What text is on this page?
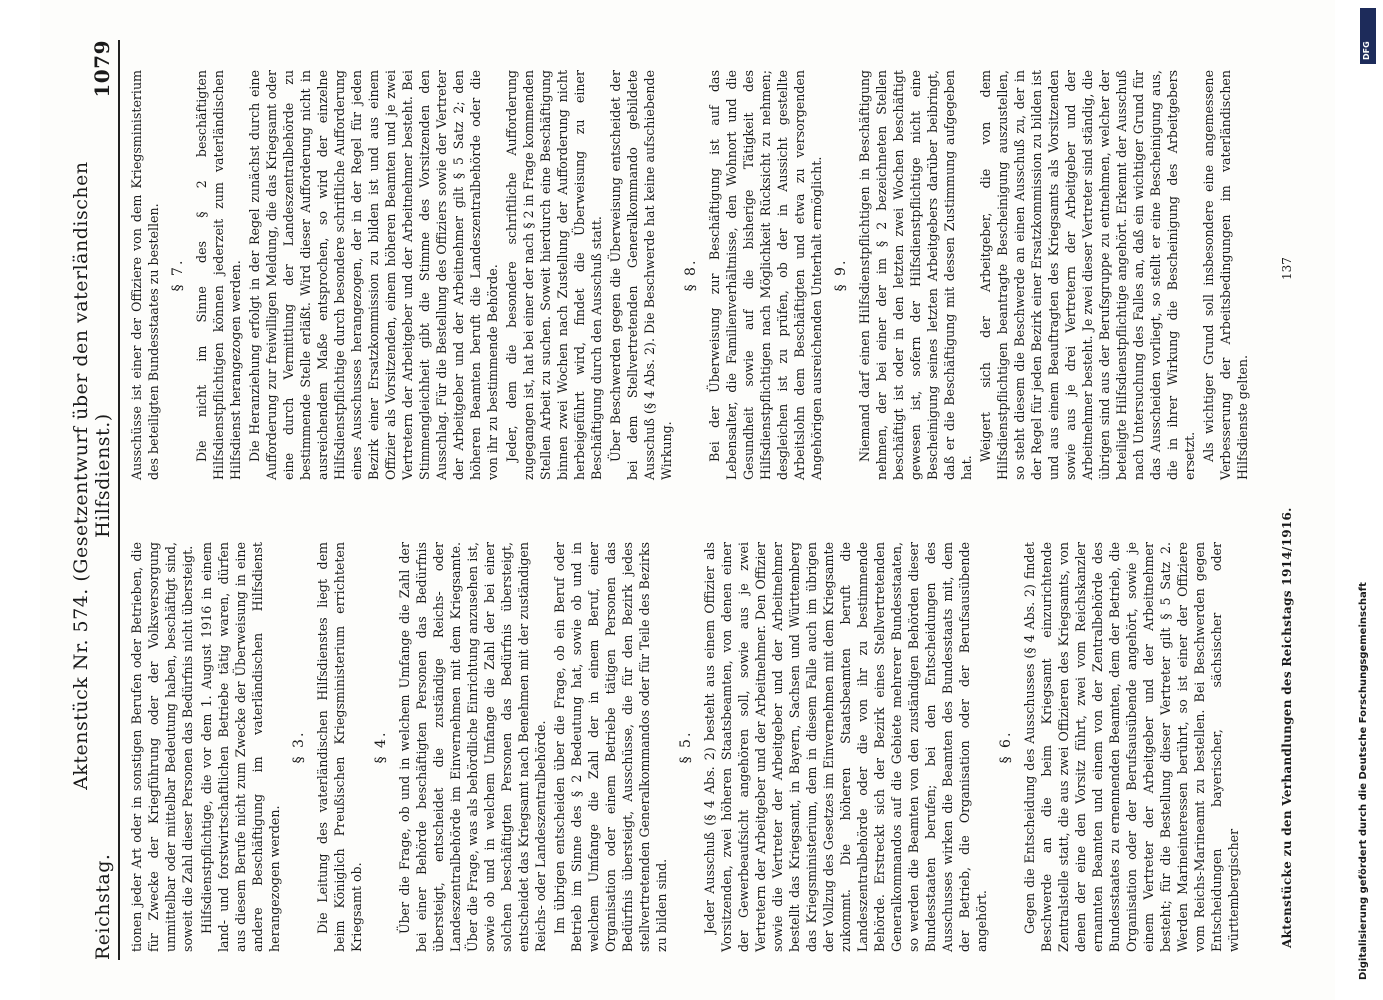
DFG
Digitalisierung gefördert durch die Deutsche Forschungsgemeinschaft
Reichstag.
Aktenstück Nr. 574. (Gesetzentwurf über den vaterländischen Hilfsdienst.)
1079

tionen jeder Art oder in sonstigen Berufen oder Betrieben, die für Zwecke der Kriegführung oder der Volksversorgung unmittelbar oder mittelbar Bedeutung haben, beschäftigt sind, soweit die Zahl dieser Personen das Bedürfnis nicht übersteigt. Hilfsdienstpflichtige, die vor dem 1. August 1916 in einem land- und forstwirtschaftlichen Betriebe tätig waren, dürfen aus diesem Berufe nicht zum Zwecke der Überweisung in eine andere Beschäftigung im vaterländischen Hilfsdienst herangezogen werden.

§ 3. Die Leitung des vaterländischen Hilfsdienstes liegt dem beim Königlich Preußischen Kriegsministerium errichteten Kriegsamt ob.

§ 4. Über die Frage, ob und in welchem Umfange die Zahl der bei einer Behörde beschäftigten Personen das Bedürfnis übersteigt, entscheidet die zuständige Reichs- oder Landeszentralbehörde im Einvernehmen mit dem Kriegsamte. Über die Frage, was als behördliche Einrichtung anzusehen ist, sowie ob und in welchem Umfange die Zahl der bei einer solchen beschäftigten Personen das Bedürfnis übersteigt, entscheidet das Kriegsamt nach Benehmen mit der zuständigen Reichs- oder Landeszentralbehörde. Im übrigen entscheiden über die Frage, ob ein Beruf oder Betrieb im Sinne des § 2 Bedeutung hat, sowie ob und in welchem Umfange die Zahl der in einem Beruf, einer Organisation oder einem Betriebe tätigen Personen das Bedürfnis übersteigt, Ausschüsse, die für den Bezirk jedes stellvertretenden Generalkommandos oder für Teile des Bezirks zu bilden sind.

§ 5. Jeder Ausschuß (§ 4 Abs. 2) besteht aus einem Offizier als Vorsitzenden, zwei höheren Staatsbeamten, von denen einer der Gewerbeaufsicht angehören soll, sowie aus je zwei Vertretern der Arbeitgeber und der Arbeitnehmer. Den Offizier sowie die Vertreter der Arbeitgeber und der Arbeitnehmer bestellt das Kriegsamt, in Bayern, Sachsen und Württemberg das Kriegsministerium, dem in diesem Falle auch im übrigen der Vollzug des Gesetzes im Einvernehmen mit dem Kriegsamte zukommt. Die höheren Staatsbeamten beruft die Landeszentralbehörde oder die von ihr zu bestimmende Behörde. Erstreckt sich der Bezirk eines Stellvertretenden Generalkommandos auf die Gebiete mehrerer Bundesstaaten, so werden die Beamten von den zuständigen Behörden dieser Bundesstaaten berufen; bei den Entscheidungen des Ausschusses wirken die Beamten des Bundesstaats mit, dem der Betrieb, die Organisation oder der Berufsausübende angehört.

§ 6. Gegen die Entscheidung des Ausschusses (§ 4 Abs. 2) findet Beschwerde an die beim Kriegsamt einzurichtende Zentralstelle statt, die aus zwei Offizieren des Kriegsamts, von denen der eine den Vorsitz führt, zwei vom Reichskanzler ernannten Beamten und einem von der Zentralbehörde des Bundesstaates zu ernennenden Beamten, dem der Betrieb, die Organisation oder der Berufsausübende angehört, sowie je einem Vertreter der Arbeitgeber und der Arbeitnehmer besteht; für die Bestellung dieser Vertreter gilt § 5 Satz 2. Werden Marineinteressen berührt, so ist einer der Offiziere vom Reichs-Marineamt zu bestellen. Bei Beschwerden gegen Entscheidungen bayerischer, sächsischer oder württembergischer

Ausschüsse ist einer der Offiziere von dem Kriegsministerium des beteiligten Bundesstaates zu bestellen. § 7. Die nicht im Sinne des § 2 beschäftigten Hilfsdienstpflichtigen können jederzeit zum vaterländischen Hilfsdienst herangezogen werden. Die Heranziehung erfolgt in der Regel zunächst durch eine Aufforderung zur freiwilligen Meldung, die das Kriegsamt oder eine durch Vermittlung der Landeszentralbehörde zu bestimmende Stelle erläßt. Wird dieser Aufforderung nicht in ausreichendem Maße entsprochen, so wird der einzelne Hilfsdienstpflichtige durch besondere schriftliche Aufforderung eines Ausschusses herangezogen, der in der Regel für jeden Bezirk einer Ersatzkommission zu bilden ist und aus einem Offizier als Vorsitzenden, einem höheren Beamten und je zwei Vertretern der Arbeitgeber und der Arbeitnehmer besteht. Bei Stimmengleichheit gibt die Stimme des Vorsitzenden den Ausschlag. Für die Bestellung des Offiziers sowie der Vertreter der Arbeitgeber und der Arbeitnehmer gilt § 5 Satz 2; den höheren Beamten beruft die Landeszentralbehörde oder die von ihr zu bestimmende Behörde. Jeder, dem die besondere schriftliche Aufforderung zugegangen ist, hat bei einer der nach § 2 in Frage kommenden Stellen Arbeit zu suchen. Soweit hierdurch eine Beschäftigung binnen zwei Wochen nach Zustellung der Aufforderung nicht herbeigeführt wird, findet die Überweisung zu einer Beschäftigung durch den Ausschuß statt. Über Beschwerden gegen die Überweisung entscheidet der bei dem Stellvertretenden Generalkommando gebildete Ausschuß (§ 4 Abs. 2). Die Beschwerde hat keine aufschiebende Wirkung.

§ 8. Bei der Überweisung zur Beschäftigung ist auf das Lebensalter, die Familienverhältnisse, den Wohnort und die Gesundheit sowie auf die bisherige Tätigkeit des Hilfsdienstpflichtigen nach Möglichkeit Rücksicht zu nehmen; desgleichen ist zu prüfen, ob der in Aussicht gestellte Arbeitslohn dem Beschäftigten und etwa zu versorgenden Angehörigen ausreichenden Unterhalt ermöglicht. § 9. Niemand darf einen Hilfsdienstpflichtigen in Beschäftigung nehmen, der bei einer der im § 2 bezeichneten Stellen beschäftigt ist oder in den letzten zwei Wochen beschäftigt gewesen ist, sofern der Hilfsdienstpflichtige nicht eine Bescheinigung seines letzten Arbeitgebers darüber beibringt, daß er die Beschäftigung mit dessen Zustimmung aufgegeben hat.

Weigert sich der Arbeitgeber, die von dem Hilfsdienstpflichtigen beantragte Bescheinigung auszustellen, so steht diesem die Beschwerde an einen Ausschuß zu, der in der Regel für jeden Bezirk einer Ersatzkommission zu bilden ist und aus einem Beauftragten des Kriegsamts als Vorsitzenden sowie aus je drei Vertretern der Arbeitgeber und der Arbeitnehmer besteht. Je zwei dieser Vertreter sind ständig, die übrigen sind aus der Berufsgruppe zu entnehmen, welcher der beteiligte Hilfsdienstpflichtige angehört. Erkennt der Ausschuß nach Untersuchung des Falles an, daß ein wichtiger Grund für das Ausscheiden vorliegt, so stellt er eine Bescheinigung aus, die in ihrer Wirkung die Bescheinigung des Arbeitgebers ersetzt. Als wichtiger Grund soll insbesondere eine angemessene Verbesserung der Arbeitsbedingungen im vaterländischen Hilfsdienste gelten.

Aktenstücke zu den Verhandlungen des Reichstags 1914/1916.
137
